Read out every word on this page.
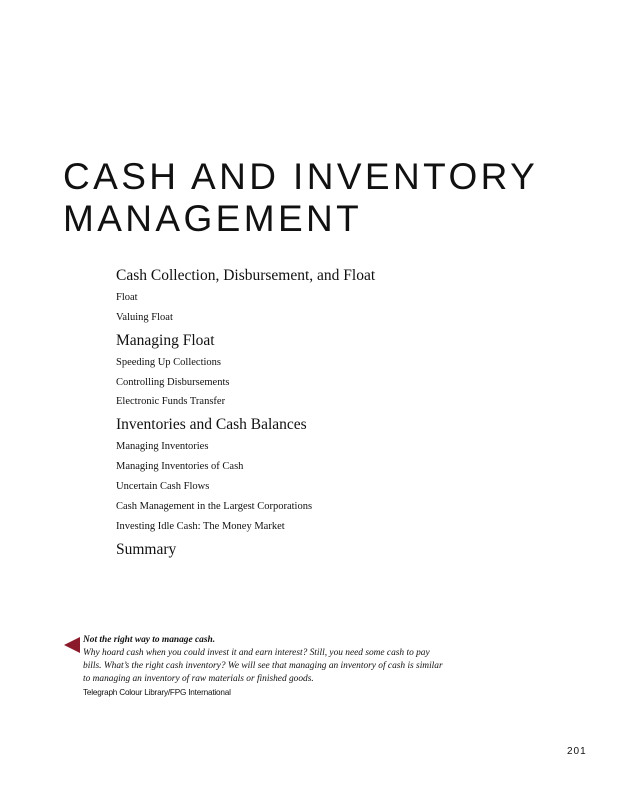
CASH AND INVENTORY
MANAGEMENT
Cash Collection, Disbursement, and Float
Float
Valuing Float
Managing Float
Speeding Up Collections
Controlling Disbursements
Electronic Funds Transfer
Inventories and Cash Balances
Managing Inventories
Managing Inventories of Cash
Uncertain Cash Flows
Cash Management in the Largest Corporations
Investing Idle Cash: The Money Market
Summary
Not the right way to manage cash.
Why hoard cash when you could invest it and earn interest? Still, you need some cash to pay
bills. What’s the right cash inventory? We will see that managing an inventory of cash is similar
to managing an inventory of raw materials or finished goods.
Telegraph Colour Library/FPG International
201
